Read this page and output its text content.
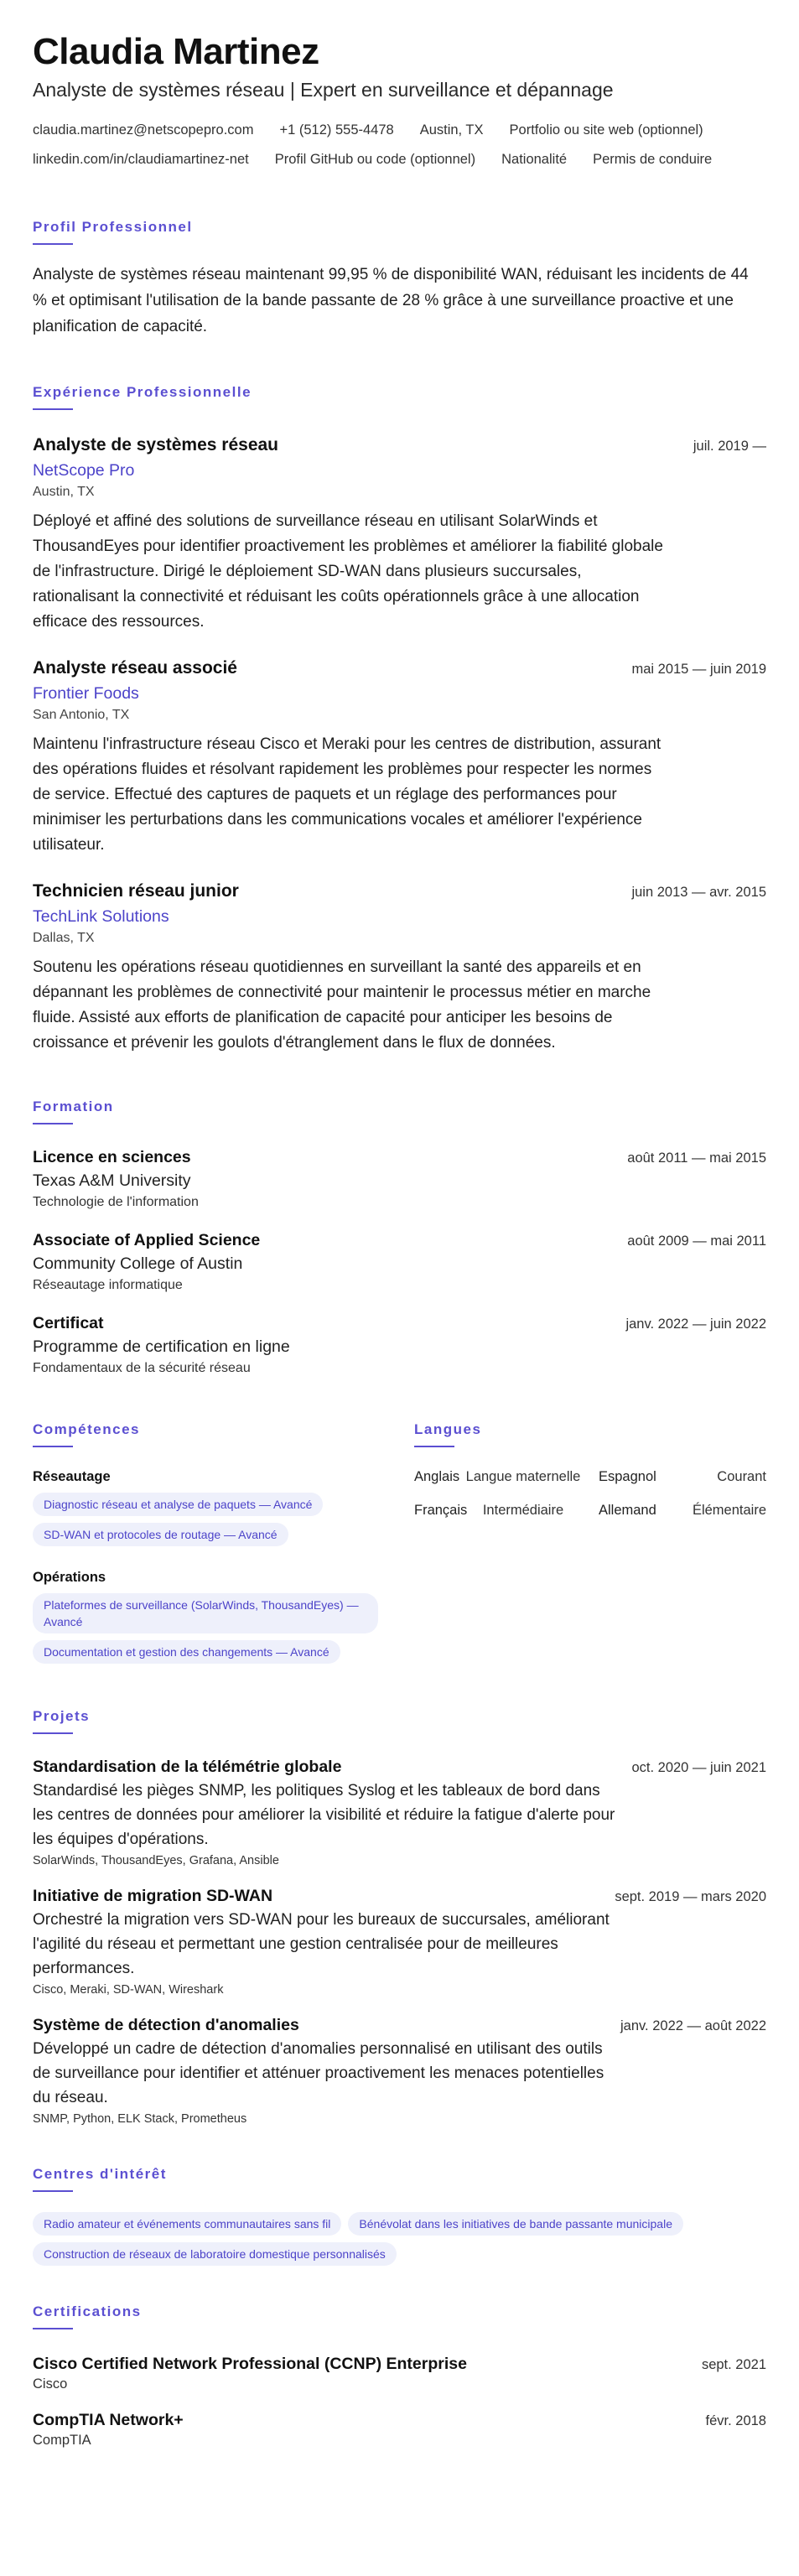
Claudia Martinez
Analyste de systèmes réseau | Expert en surveillance et dépannage
claudia.martinez@netscopepro.com +1 (512) 555-4478 Austin, TX Portfolio ou site web (optionnel)
linkedin.com/in/claudiamartinez-net Profil GitHub ou code (optionnel) Nationalité Permis de conduire
Profil Professionnel

Analyste de systèmes réseau maintenant 99,95 % de disponibilité WAN, réduisant les incidents de 44 % et optimisant l'utilisation de la bande passante de 28 % grâce à une surveillance proactive et une planification de capacité.

Expérience Professionnelle
Analyste de systèmes réseau	juil. 2019 —
NetScope Pro
Austin, TX

Déployé et affiné des solutions de surveillance réseau en utilisant SolarWinds et ThousandEyes pour identifier proactivement les problèmes et améliorer la fiabilité globale de l'infrastructure. Dirigé le déploiement SD-WAN dans plusieurs succursales, rationalisant la connectivité et réduisant les coûts opérationnels grâce à une allocation efficace des ressources.

Analyste réseau associé	mai 2015 — juin 2019
Frontier Foods
San Antonio, TX

Maintenu l'infrastructure réseau Cisco et Meraki pour les centres de distribution, assurant des opérations fluides et résolvant rapidement les problèmes pour respecter les normes de service. Effectué des captures de paquets et un réglage des performances pour minimiser les perturbations dans les communications vocales et améliorer l'expérience utilisateur.

Technicien réseau junior	juin 2013 — avr. 2015
TechLink Solutions
Dallas, TX

Soutenu les opérations réseau quotidiennes en surveillant la santé des appareils et en dépannant les problèmes de connectivité pour maintenir le processus métier en marche fluide. Assisté aux efforts de planification de capacité pour anticiper les besoins de croissance et prévenir les goulots d'étranglement dans le flux de données.

Formation
Licence en sciences	août 2011 — mai 2015
Texas A&M University
Technologie de l'information
Associate of Applied Science	août 2009 — mai 2011
Community College of Austin
Réseautage informatique
Certificat	janv. 2022 — juin 2022
Programme de certification en ligne
Fondamentaux de la sécurité réseau
Compétences
Réseautage
Diagnostic réseau et analyse de paquets — Avancé
SD-WAN et protocoles de routage — Avancé
Opérations
Plateformes de surveillance (SolarWinds, ThousandEyes) — Avancé
Documentation et gestion des changements — Avancé
Langues
Anglais Langue maternelle	Espagnol	Courant
Français	Intermédiaire	Allemand	Élémentaire
Projets
Standardisation de la télémétrie globale	oct. 2020 — juin 2021

Standardisé les pièges SNMP, les politiques Syslog et les tableaux de bord dans les centres de données pour améliorer la visibilité et réduire la fatigue d'alerte pour les équipes d'opérations.

SolarWinds, ThousandEyes, Grafana, Ansible
Initiative de migration SD-WAN	sept. 2019 — mars 2020

Orchestré la migration vers SD-WAN pour les bureaux de succursales, améliorant l'agilité du réseau et permettant une gestion centralisée pour de meilleures performances.

Cisco, Meraki, SD-WAN, Wireshark
Système de détection d'anomalies	janv. 2022 — août 2022

Développé un cadre de détection d'anomalies personnalisé en utilisant des outils de surveillance pour identifier et atténuer proactivement les menaces potentielles du réseau.

SNMP, Python, ELK Stack, Prometheus
Centres d'intérêt
Radio amateur et événements communautaires sans fil Bénévolat dans les initiatives de bande passante municipale
Construction de réseaux de laboratoire domestique personnalisés
Certifications
Cisco Certified Network Professional (CCNP) Enterprise	sept. 2021
Cisco
CompTIA Network+	févr. 2018
CompTIA
